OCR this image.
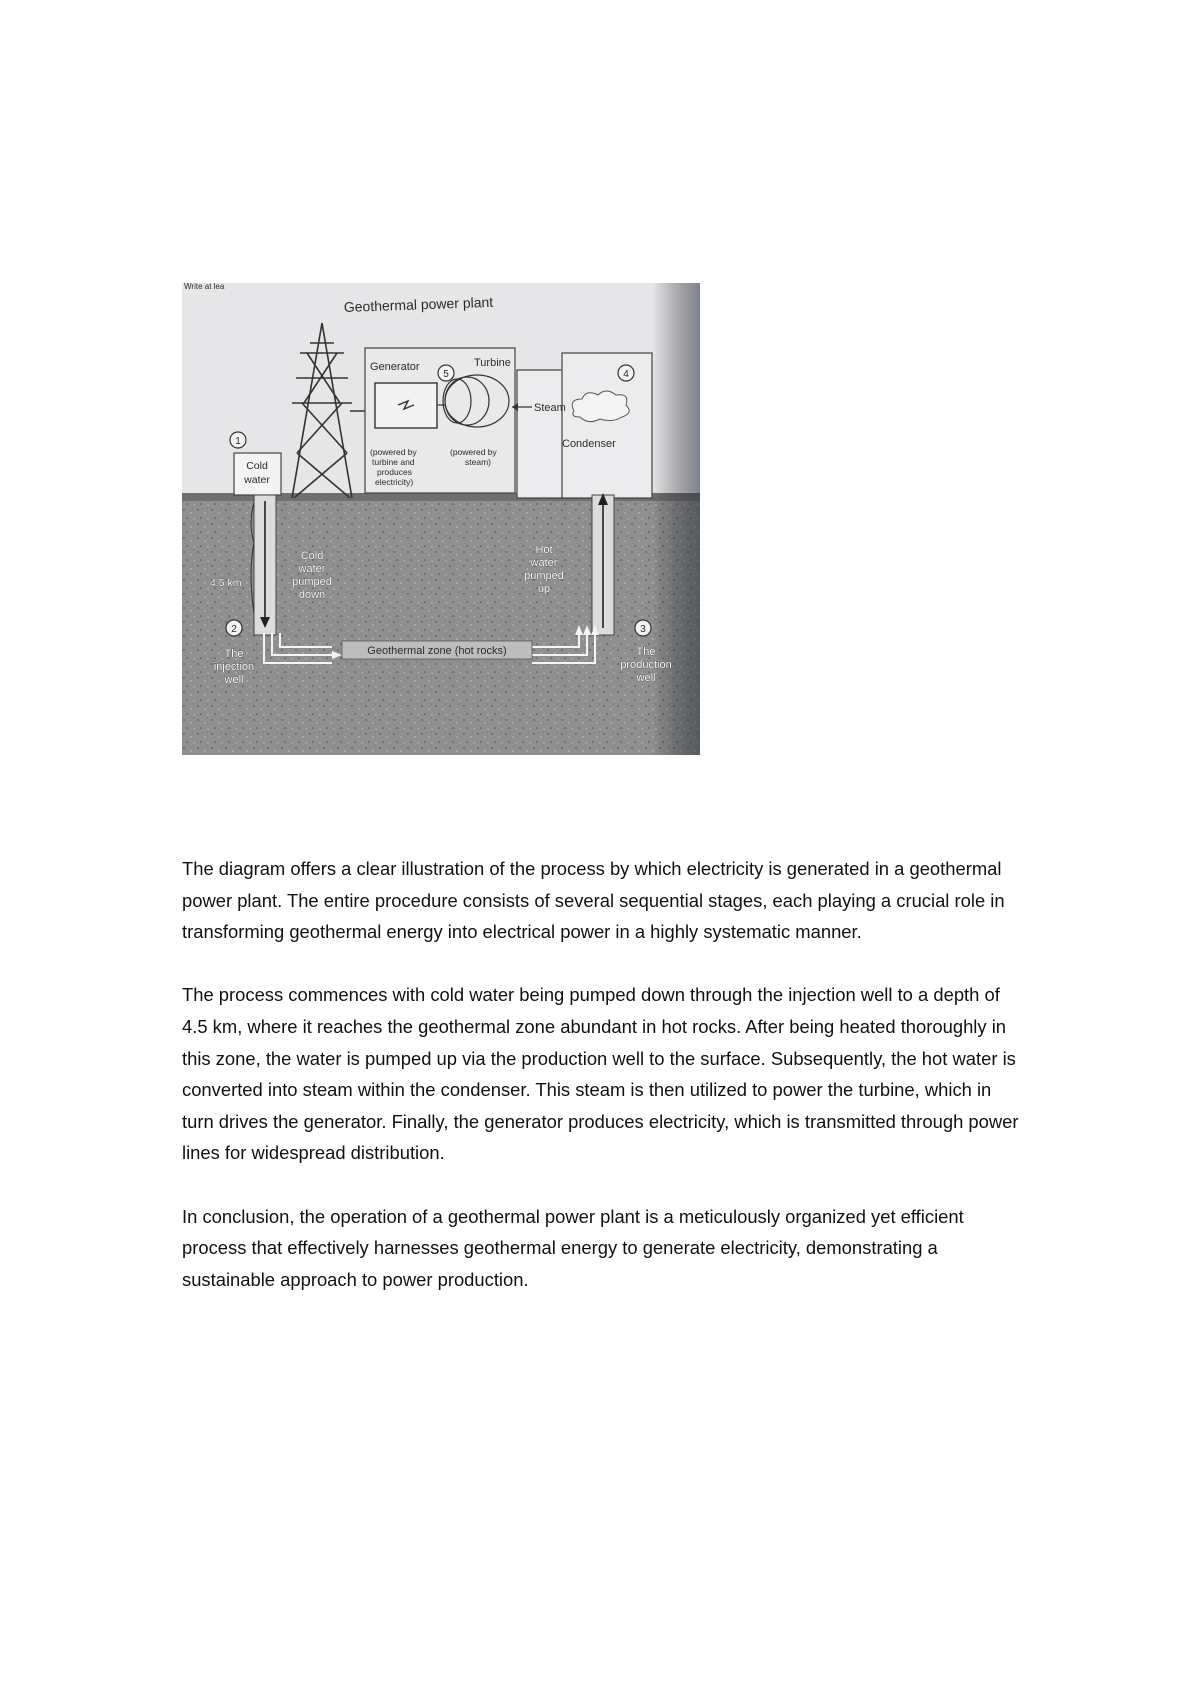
Write at lea
Geothermal power plant
Generator	Turbine
5
Steam
Condenser
4
(powered by
turbine and
produces
electricity)
(powered by
steam)
Cold
water
1
4.5 km
Cold
water
pumped
down
Hot
water
pumped
up
Geothermal zone (hot rocks)
2
The
injection
well
3
The
production
well

The diagram offers a clear illustration of the process by which electricity is generated in a geothermal power plant. The entire procedure consists of several sequential stages, each playing a crucial role in transforming geothermal energy into electrical power in a highly systematic manner.

The process commences with cold water being pumped down through the injection well to a depth of 4.5 km, where it reaches the geothermal zone abundant in hot rocks. After being heated thoroughly in this zone, the water is pumped up via the production well to the surface. Subsequently, the hot water is converted into steam within the condenser. This steam is then utilized to power the turbine, which in turn drives the generator. Finally, the generator produces electricity, which is transmitted through power lines for widespread distribution.

In conclusion, the operation of a geothermal power plant is a meticulously organized yet efficient process that effectively harnesses geothermal energy to generate electricity, demonstrating a sustainable approach to power production.
